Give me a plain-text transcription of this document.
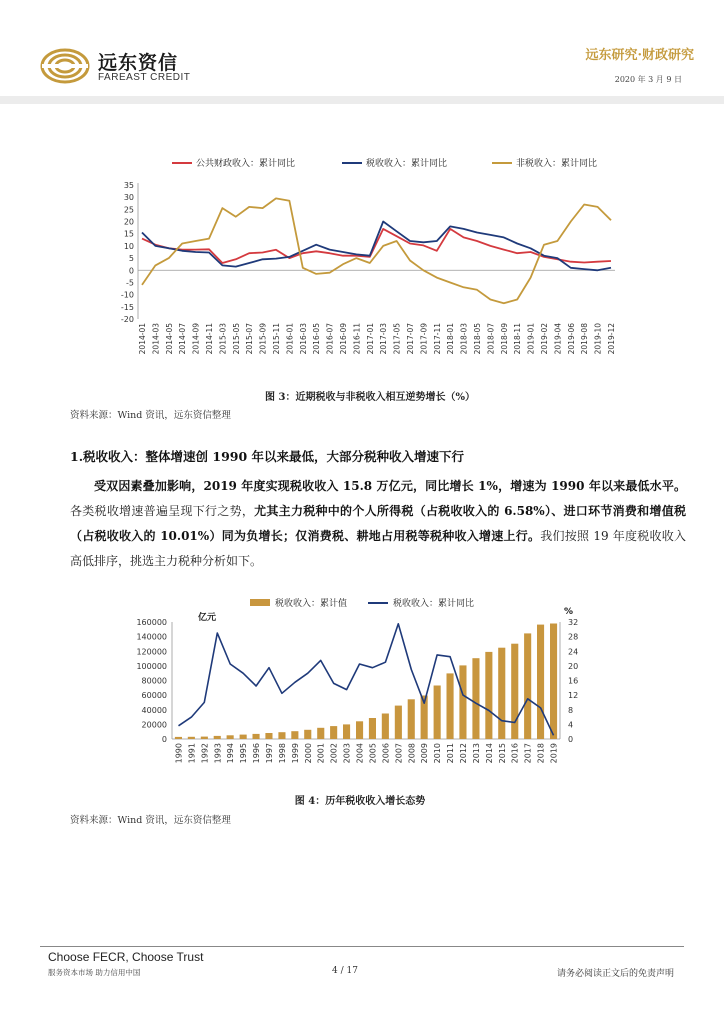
远东资信
FAREAST CREDIT
远东研究·财政研究
2020 年 3 月 9 日
公共财政收入：累计同比	税收收入：累计同比	非税收入：累计同比
35
30
25
20
15
10
5
0
-5
-10
-15
-20
2014-01 2014-03 2014-05 2014-07 2014-09 2014-11 2015-03 2015-05 2015-07 2015-09 2015-11 2016-01 2016-03 2016-05 2016-07 2016-09 2016-11 2017-01 2017-03 2017-05 2017-07 2017-09 2017-11 2018-01 2018-03 2018-05 2018-07 2018-09 2018-11 2019-01 2019-02 2019-04 2019-06 2019-08 2019-10 2019-12
图 3：近期税收与非税收入相互逆势增长（%）
资料来源：Wind 资讯，远东资信整理
1.税收收入：整体增速创 1990 年以来最低，大部分税种收入增速下行
受双因素叠加影响，2019 年度实现税收收入 15.8 万亿元，同比增长 1%，增速为 1990 年以来最低水平。各类税收增速普遍呈现下行之势，尤其主力税种中的个人所得税（占税收收入的 6.58%）、进口环节消费和增值税（占税收收入的 10.01%）同为负增长；仅消费税、耕地占用税等税种收入增速上行。我们按照 19 年度税收收入高低排序，挑选主力税种分析如下。
税收收入：累计值	税收收入：累计同比
亿元
%
0
20000
40000
60000
80000
100000
120000
140000
160000
0
4
8
12
16
20
24
28
32
1990 1991 1992 1993 1994 1995 1996 1997 1998 1999 2000 2001 2002 2003 2004 2005 2006 2007 2008 2009 2010 2011 2012 2013 2014 2015 2016 2017 2018 2019
图 4：历年税收收入增长态势
资料来源：Wind 资讯，远东资信整理
Choose FECR, Choose Trust
服务资本市场 助力信用中国	4 / 17	请务必阅读正文后的免责声明
